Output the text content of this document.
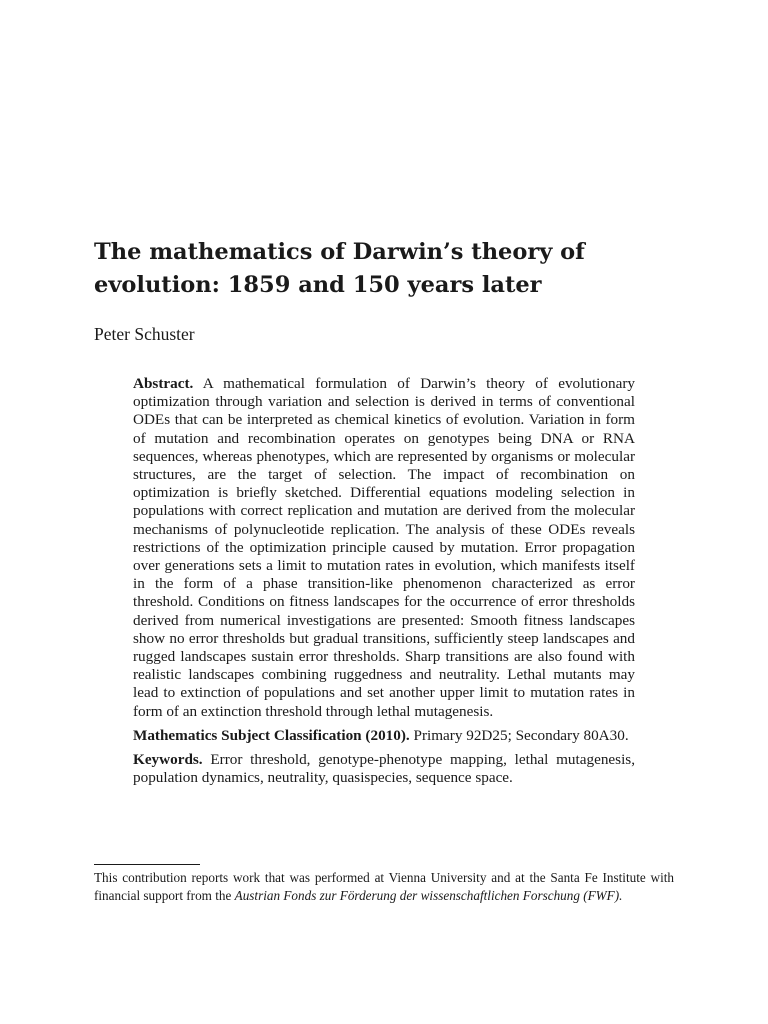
The mathematics of Darwin’s theory of evolution: 1859 and 150 years later

Peter Schuster

Abstract. A mathematical formulation of Darwin’s theory of evolutionary optimization through variation and selection is derived in terms of conventional ODEs that can be interpreted as chemical kinetics of evolution. Variation in form of mutation and recombination operates on genotypes being DNA or RNA sequences, whereas phenotypes, which are represented by organisms or molecular structures, are the target of selection. The impact of recombination on optimization is briefly sketched. Differential equations modeling selection in populations with correct replication and mutation are derived from the molecular mechanisms of polynucleotide replication. The analysis of these ODEs reveals restrictions of the optimization principle caused by mutation. Error propagation over generations sets a limit to mutation rates in evolution, which manifests itself in the form of a phase transition-like phenomenon characterized as error threshold. Conditions on fitness landscapes for the occurrence of error thresholds derived from numerical investigations are presented: Smooth fitness landscapes show no error thresholds but gradual transitions, sufficiently steep landscapes and rugged landscapes sustain error thresholds. Sharp transitions are also found with realistic landscapes combining ruggedness and neutrality. Lethal mutants may lead to extinction of populations and set another upper limit to mutation rates in form of an extinction threshold through lethal mutagenesis.

Mathematics Subject Classification (2010). Primary 92D25; Secondary 80A30.

Keywords. Error threshold, genotype-phenotype mapping, lethal mutagenesis, population dynamics, neutrality, quasispecies, sequence space.

This contribution reports work that was performed at Vienna University and at the Santa Fe Institute with financial support from the Austrian Fonds zur Förderung der wissenschaftlichen Forschung (FWF).
